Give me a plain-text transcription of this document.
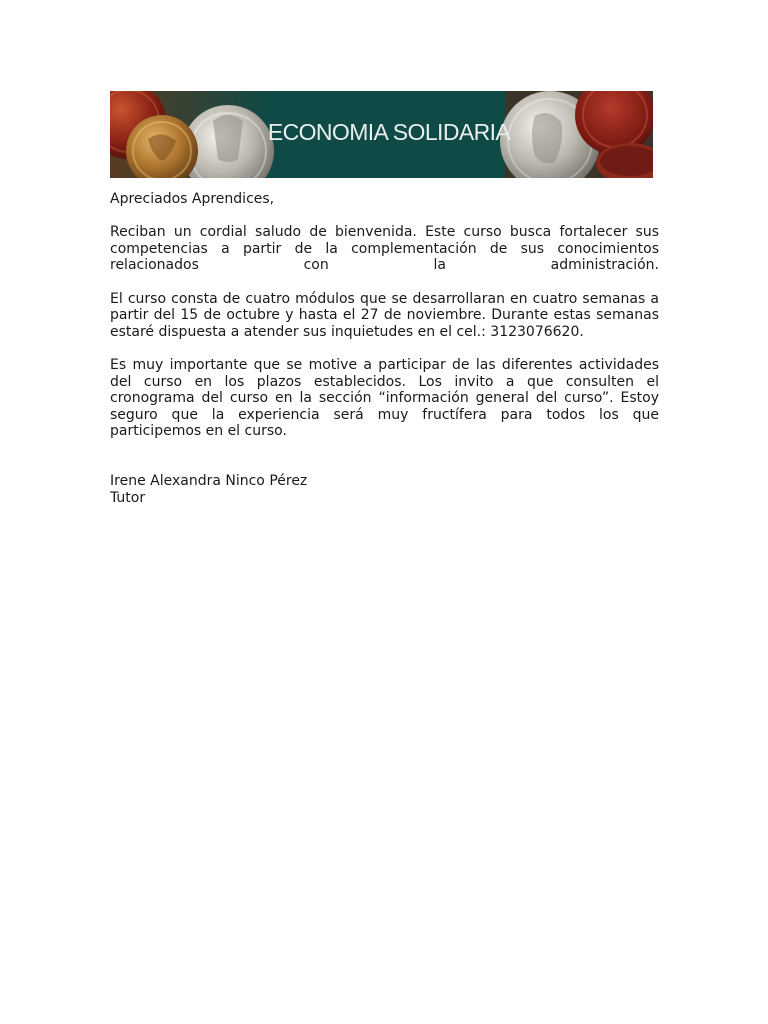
ECONOMIA SOLIDARIA

Apreciados Aprendices,

Reciban un cordial saludo de bienvenida. Este curso busca fortalecer sus competencias a partir de la complementación de sus conocimientos relacionados con la administración.

El curso consta de cuatro módulos que se desarrollaran en cuatro semanas a partir del 15 de octubre y hasta el 27 de noviembre. Durante estas semanas estaré dispuesta a atender sus inquietudes en el cel.: 3123076620.

Es muy importante que se motive a participar de las diferentes actividades del curso en los plazos establecidos. Los invito a que consulten el cronograma del curso en la sección “información general del curso”. Estoy seguro que la experiencia será muy fructífera para todos los que participemos en el curso.

Irene Alexandra Ninco Pérez

Tutor
